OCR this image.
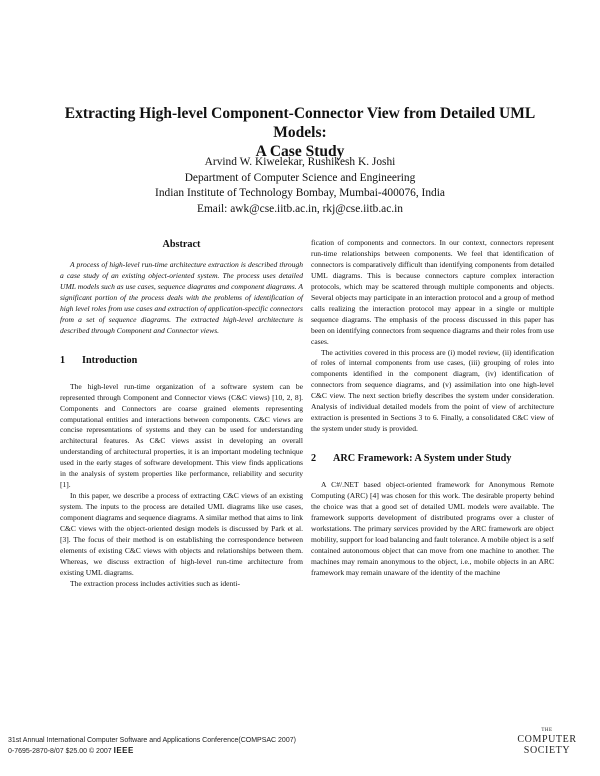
Extracting High-level Component-Connector View from Detailed UML Models:
A Case Study
Arvind W. Kiwelekar, Rushikesh K. Joshi
Department of Computer Science and Engineering
Indian Institute of Technology Bombay, Mumbai-400076, India
Email: awk@cse.iitb.ac.in, rkj@cse.iitb.ac.in
Abstract

A process of high-level run-time architecture extraction is described through a case study of an existing object-oriented system. The process uses detailed UML models such as use cases, sequence diagrams and component diagrams. A significant portion of the process deals with the problems of identification of high level roles from use cases and extraction of application-specific connectors from a set of sequence diagrams. The extracted high-level architecture is described through Component and Connector views.

1 Introduction

The high-level run-time organization of a software system can be represented through Component and Connector views (C&C views) [10, 2, 8]. Components and Connectors are coarse grained elements representing computational entities and interactions between components. C&C views are concise representations of systems and they can be used for understanding architectural features. As C&C views assist in developing an overall understanding of architectural properties, it is an important modeling technique used in the early stages of software development. This view finds applications in the analysis of system properties like performance, reliability and security [1].

In this paper, we describe a process of extracting C&C views of an existing system. The inputs to the process are detailed UML diagrams like use cases, component diagrams and sequence diagrams. A similar method that aims to link C&C views with the object-oriented design models is discussed by Park et al. [3]. The focus of their method is on establishing the correspondence between elements of existing C&C views with objects and relationships between them. Whereas, we discuss extraction of high-level run-time architecture from existing UML diagrams.

The extraction process includes activities such as identi-

fication of components and connectors. In our context, connectors represent run-time relationships between components. We feel that identification of connectors is comparatively difficult than identifying components from detailed UML diagrams. This is because connectors capture complex interaction protocols, which may be scattered through multiple components and objects. Several objects may participate in an interaction protocol and a group of method calls realizing the interaction protocol may appear in a single or multiple sequence diagrams. The emphasis of the process discussed in this paper has been on identifying connectors from sequence diagrams and their roles from use cases.

The activities covered in this process are (i) model review, (ii) identification of roles of internal components from use cases, (iii) grouping of roles into components identified in the component diagram, (iv) identification of connectors from sequence diagrams, and (v) assimilation into one high-level C&C view. The next section briefly describes the system under consideration. Analysis of individual detailed models from the point of view of architecture extraction is presented in Sections 3 to 6. Finally, a consolidated C&C view of the system under study is provided.

2 ARC Framework: A System under Study

A C#/.NET based object-oriented framework for Anonymous Remote Computing (ARC) [4] was chosen for this work. The desirable property behind the choice was that a good set of detailed UML models were available. The framework supports development of distributed programs over a cluster of workstations. The primary services provided by the ARC framework are object mobility, support for load balancing and fault tolerance. A mobile object is a self contained autonomous object that can move from one machine to another. The machines may remain anonymous to the object, i.e., mobile objects in an ARC framework may remain unaware of the identity of the machine

31st Annual International Computer Software and Applications Conference(COMPSAC 2007)
0-7695-2870-8/07 $25.00 © 2007 IEEE
THE
COMPUTER
SOCIETY
